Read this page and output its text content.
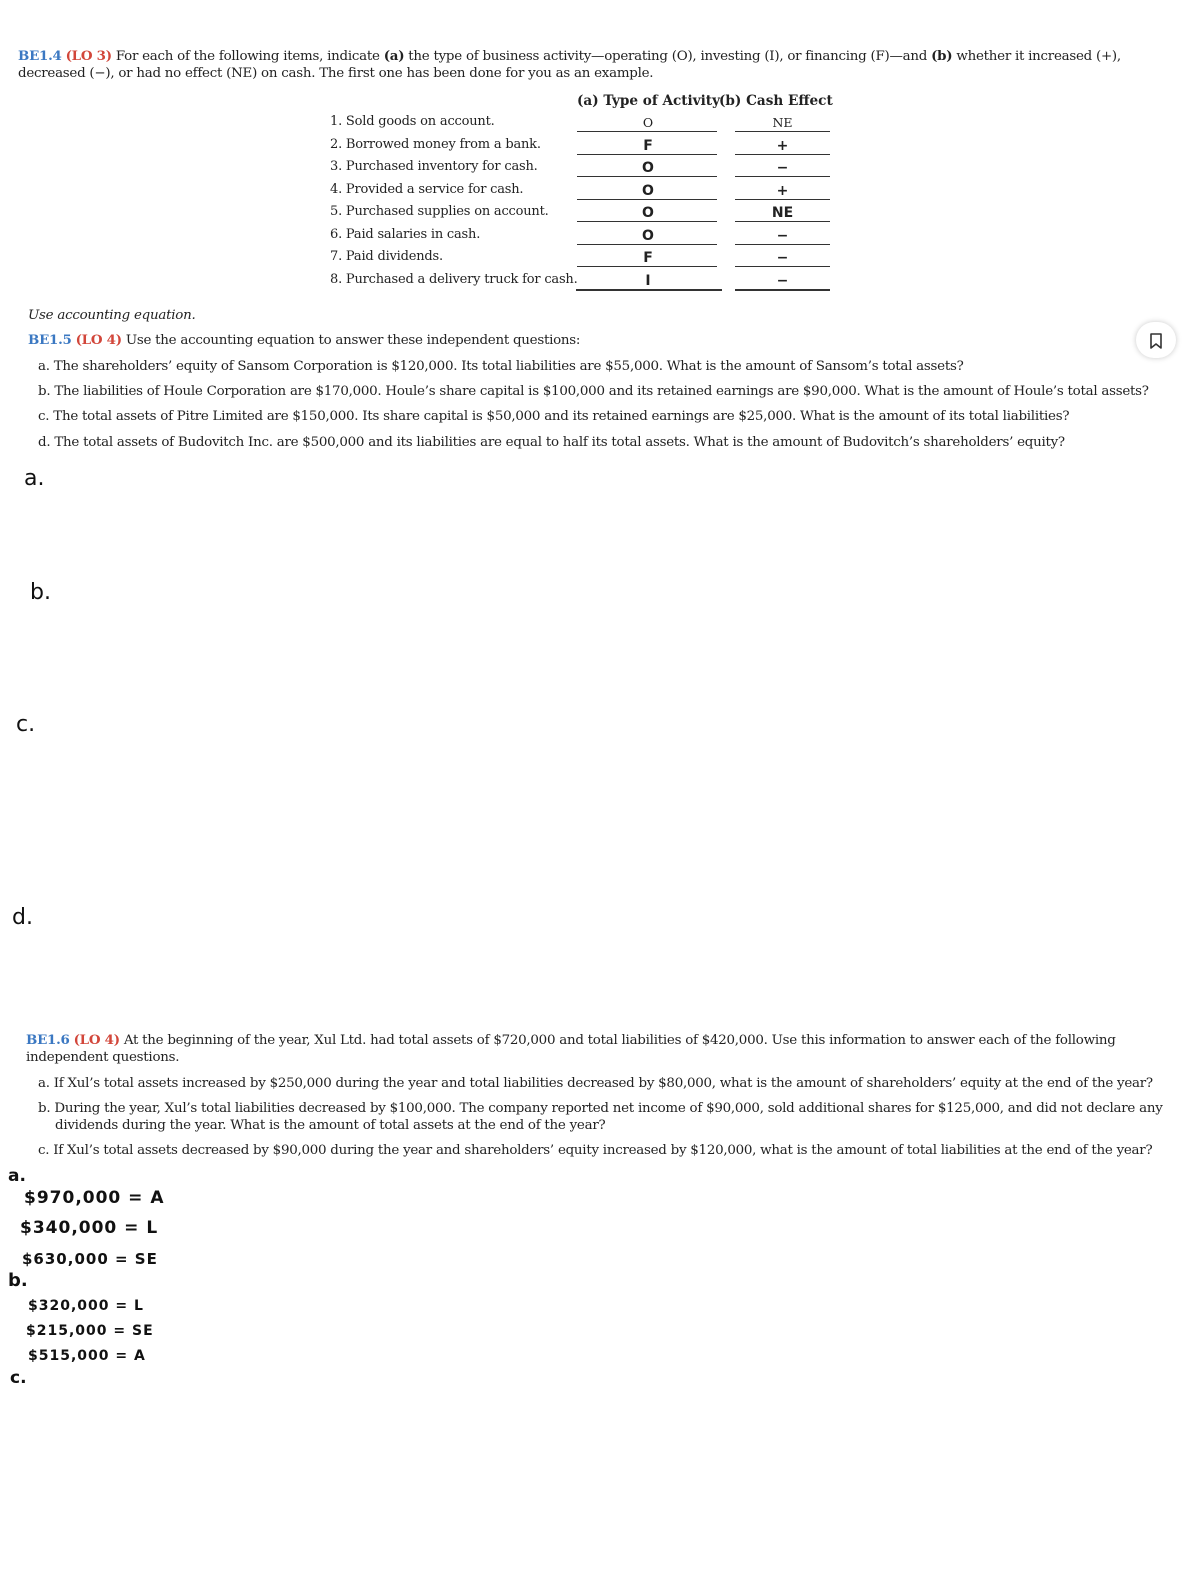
BE1.4 (LO 3) For each of the following items, indicate (a) the type of business activity—operating (O), investing (I), or financing (F)—and (b) whether it increased (+), decreased (−), or had no effect (NE) on cash. The first one has been done for you as an example.
(a) Type of Activity (b) Cash Effect
1. Sold goods on account.	O	NE
2. Borrowed money from a bank.	F	+
3. Purchased inventory for cash.	O	−
4. Provided a service for cash.	O	+
5. Purchased supplies on account.	O	NE
6. Paid salaries in cash.	O	−
7. Paid dividends.	F	−
8. Purchased a delivery truck for cash.	I	−
Use accounting equation.
BE1.5 (LO 4) Use the accounting equation to answer these independent questions:
a. The shareholders’ equity of Sansom Corporation is $120,000. Its total liabilities are $55,000. What is the amount of Sansom’s total assets?
b. The liabilities of Houle Corporation are $170,000. Houle’s share capital is $100,000 and its retained earnings are $90,000. What is the amount of Houle’s total assets?
c. The total assets of Pitre Limited are $150,000. Its share capital is $50,000 and its retained earnings are $25,000. What is the amount of its total liabilities?
d. The total assets of Budovitch Inc. are $500,000 and its liabilities are equal to half its total assets. What is the amount of Budovitch’s shareholders’ equity?
a.
b.
c.
d.
BE1.6 (LO 4) At the beginning of the year, Xul Ltd. had total assets of $720,000 and total liabilities of $420,000. Use this information to answer each of the following independent questions.
a. If Xul’s total assets increased by $250,000 during the year and total liabilities decreased by $80,000, what is the amount of shareholders’ equity at the end of the year?
b. During the year, Xul’s total liabilities decreased by $100,000. The company reported net income of $90,000, sold additional shares for $125,000, and did not declare any dividends during the year. What is the amount of total assets at the end of the year?
c. If Xul’s total assets decreased by $90,000 during the year and shareholders’ equity increased by $120,000, what is the amount of total liabilities at the end of the year?
a.
$970,000 = A
$340,000 = L
$630,000 = SE
b.
$320,000 = L
$215,000 = SE
$515,000 = A
c.
